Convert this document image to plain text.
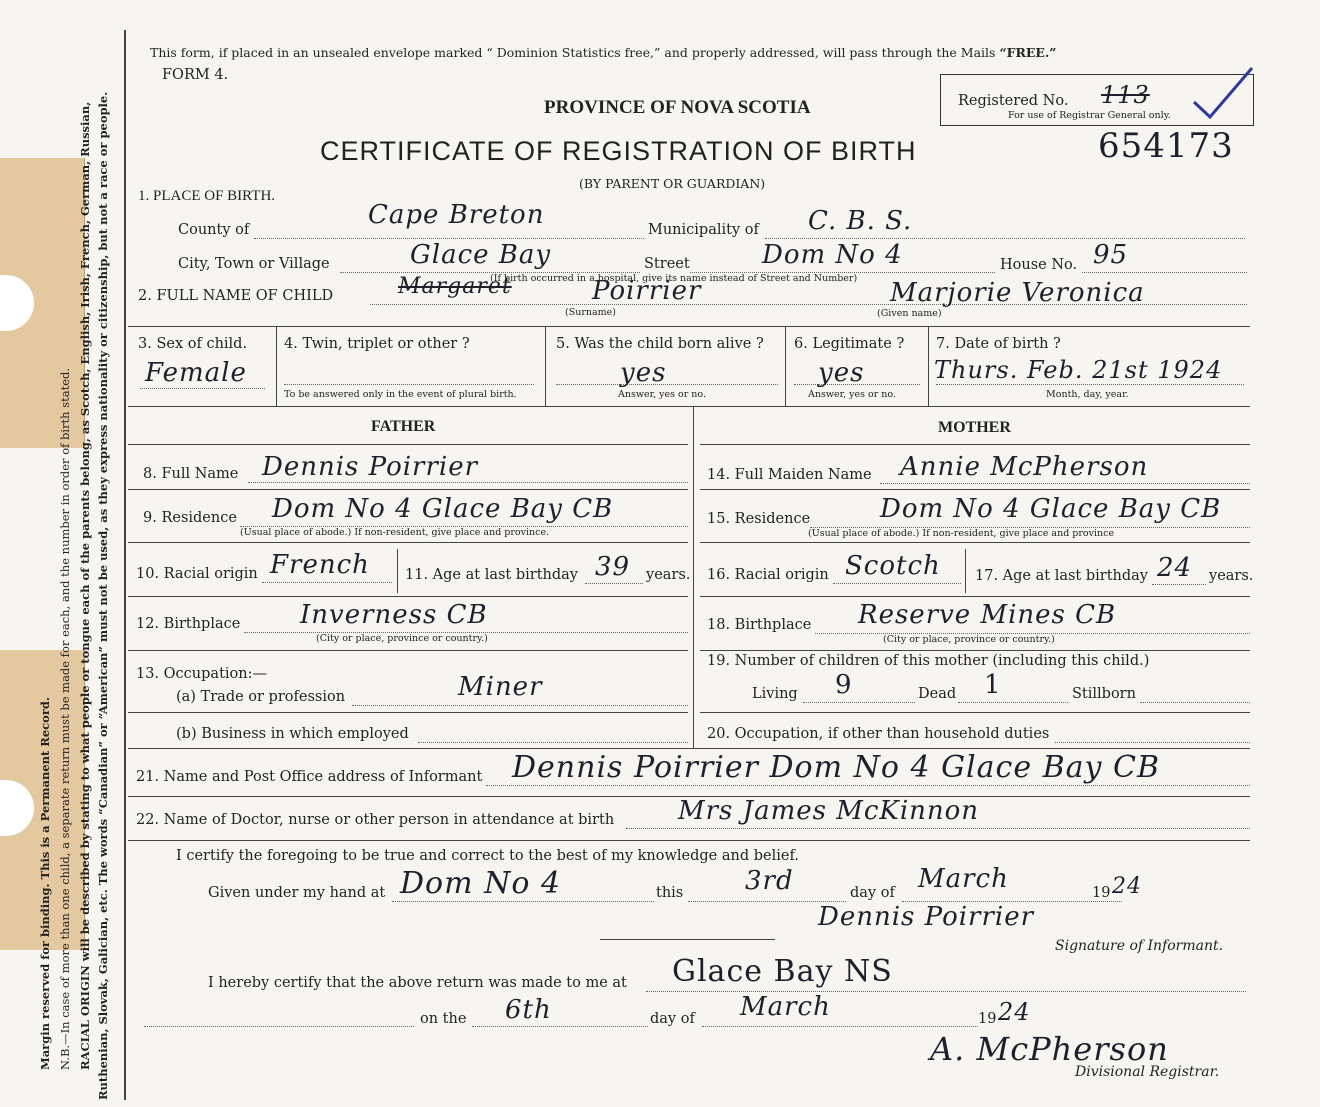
Margin reserved for binding. This is a Permanent Record. N.B.—In case of more than one child, a separate return must be made for each, and the number in order of birth stated. RACIAL ORIGIN will be described by stating to what people or tongue each of the parents belong, as Scotch, English, Irish, French, German, Russian, Ruthenian, Slovak, Galician, etc. The words “Canadian” or “American” must not be used, as they express nationality or citizenship, but not a race or people.
This form, if placed in an unsealed envelope marked “ Dominion Statistics free,” and properly addressed, will pass through the Mails “FREE.”
FORM 4.
PROVINCE OF NOVA SCOTIA
CERTIFICATE OF REGISTRATION OF BIRTH
(BY PARENT OR GUARDIAN)
Registered No. 113
For use of Registrar General only.
654173
1. PLACE OF BIRTH.
County of	Cape Breton	Municipality of C. B. S.
City, Town or Village	Glace Bay	Street	Dom No 4	House No. 95
(If birth occurred in a hospital, give its name instead of Street and Number)
2. FULL NAME OF CHILD	Margaret	Poirrier	Marjorie Veronica
(Surname)	(Given name)
3. Sex of child.
Female
4. Twin, triplet or other ?
To be answered only in the event of plural birth.
5. Was the child born alive ?
yes
Answer, yes or no.
6. Legitimate ?
yes
Answer, yes or no.
7. Date of birth ?
Thurs. Feb. 21st 1924
Month, day, year.
FATHER	MOTHER
8. Full Name Dennis Poirrier	14. Full Maiden Name Annie McPherson
9. Residence Dom No 4 Glace Bay CB
(Usual place of abode.) If non-resident, give place and province.
15. Residence	Dom No 4 Glace Bay CB
(Usual place of abode.) If non-resident, give place and province
10. Racial origin French 11. Age at last birthday 39 years. 16. Racial origin Scotch 17. Age at last birthday 24 years.
12. Birthplace Inverness CB
(City or place, province or country.)
18. Birthplace Reserve Mines CB
(City or place, province or country.)
13. Occupation:—
(a) Trade or profession	Miner
19. Number of children of this mother (including this child.)
Living 9	Dead 1	Stillborn
(b) Business in which employed	20. Occupation, if other than household duties
21. Name and Post Office address of Informant Dennis Poirrier Dom No 4 Glace Bay CB
22. Name of Doctor, nurse or other person in attendance at birth Mrs James McKinnon
I certify the foregoing to be true and correct to the best of my knowledge and belief.
Given under my hand at Dom No 4	this 3rd	day of March	19 24
Dennis Poirrier
Signature of Informant.
I hereby certify that the above return was made to me at Glace Bay NS
on the 6th	day of March	19 24
A. McPherson
Divisional Registrar.
